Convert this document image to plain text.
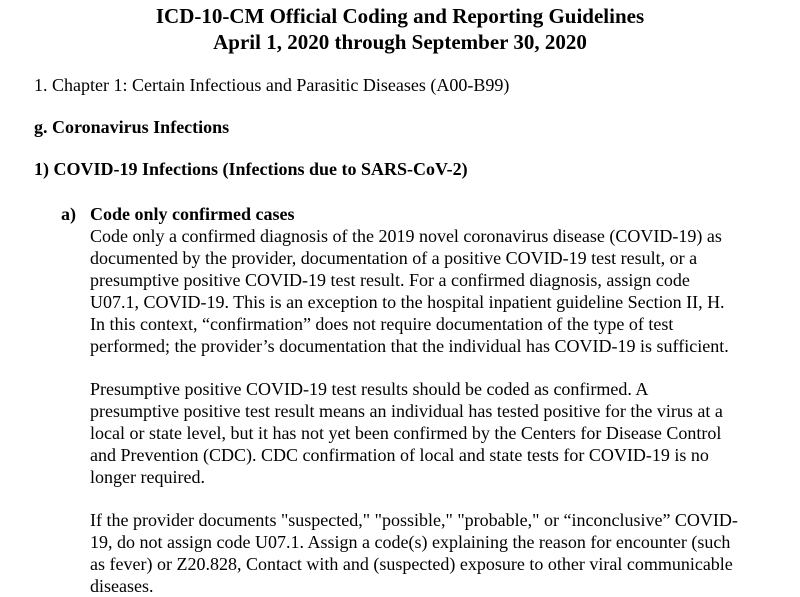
ICD-10-CM Official Coding and Reporting Guidelines
April 1, 2020 through September 30, 2020

1. Chapter 1: Certain Infectious and Parasitic Diseases (A00-B99)

g. Coronavirus Infections

1) COVID-19 Infections (Infections due to SARS-CoV-2)

a) Code only confirmed cases

Code only a confirmed diagnosis of the 2019 novel coronavirus disease (COVID-19) as
documented by the provider, documentation of a positive COVID-19 test result, or a
presumptive positive COVID-19 test result. For a confirmed diagnosis, assign code
U07.1, COVID-19. This is an exception to the hospital inpatient guideline Section II, H.
In this context, “confirmation” does not require documentation of the type of test
performed; the provider’s documentation that the individual has COVID-19 is sufficient.
Presumptive positive COVID-19 test results should be coded as confirmed. A
presumptive positive test result means an individual has tested positive for the virus at a
local or state level, but it has not yet been confirmed by the Centers for Disease Control
and Prevention (CDC). CDC confirmation of local and state tests for COVID-19 is no
longer required.
If the provider documents "suspected," "possible," "probable," or “inconclusive” COVID-
19, do not assign code U07.1. Assign a code(s) explaining the reason for encounter (such
as fever) or Z20.828, Contact with and (suspected) exposure to other viral communicable
diseases.
